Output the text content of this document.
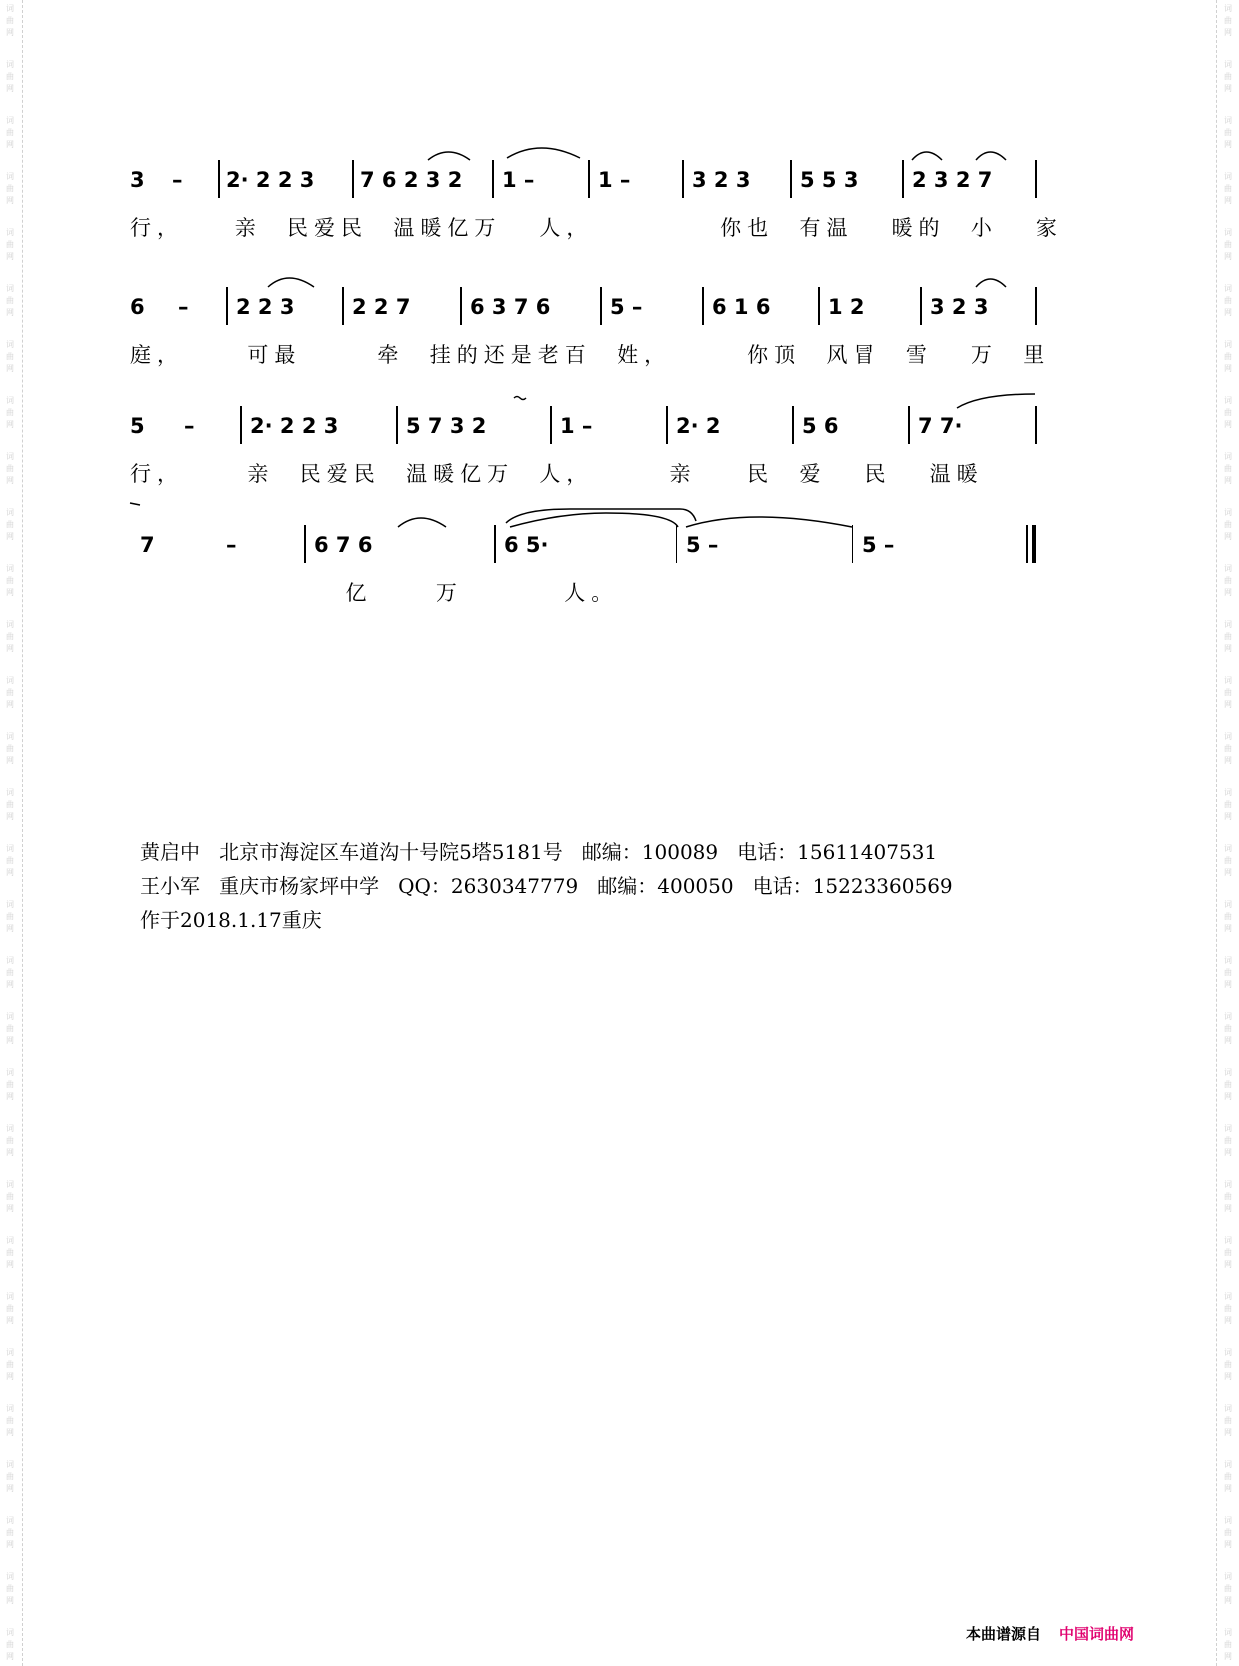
词
曲
网
词
曲
网
词
曲
网
词
曲
网
词
曲
网
词
曲
网
词
曲
网
词
曲
网
词
曲
网
词
曲
网
词
曲
网
词
曲
网
词
曲
网
词
曲
网
词
曲
网
词
曲
网
词
曲
网
词
曲
网
词
曲
网
词
曲
网
词
曲
网
词
曲
网
词
曲
网
词
曲
网
词
曲
网
词
曲
网
词
曲
网
词
曲
网
词
曲
网
词
曲
网
词
曲
网
词
曲
网
词
曲
网
词
曲
网
词
曲
网
词
曲
网
词
曲
网
词
曲
网
词
曲
网
词
曲
网
词
曲
网
词
曲
网
词
曲
网
词
曲
网
词
曲
网
词
曲
网
词
曲
网
词
曲
网
词
曲
网
词
曲
网
词
曲
网
词
曲
网
词
曲
网
词
曲
网
词
曲
网
词
曲
网
词
曲
网
词
曲
网
词
曲
网
词
曲
网
3 – 2· 2 2 3 7 6 2 3 2 1 –	1 –	3 2 3 5 5 3	2 3 2 7
行，    亲  民爱民  温暖亿万   人，          你也  有温   暖的  小   家
6 – 2 2 3	2 2 7	6 3 7 6	5 –	6 1 6	1 2	3 2 3
庭，     可最      牵  挂的还是老百  姓，      你顶  风冒  雪   万  里
5 –	2· 2 2 3	5 7 3 2	1 –	2· 2	5 6	7 7·
行，     亲  民爱民  温暖亿万  人，      亲    民  爱   民   温暖
7	–	6 7 6	6 5·	5 –	5 –
亿     万        人。
黄启中   北京市海淀区车道沟十号院5塔5181号   邮编：100089   电话：15611407531
王小军   重庆市杨家坪中学   QQ：2630347779   邮编：400050   电话：15223360569
作于2018.1.17重庆
本曲谱源自 中国词曲网
